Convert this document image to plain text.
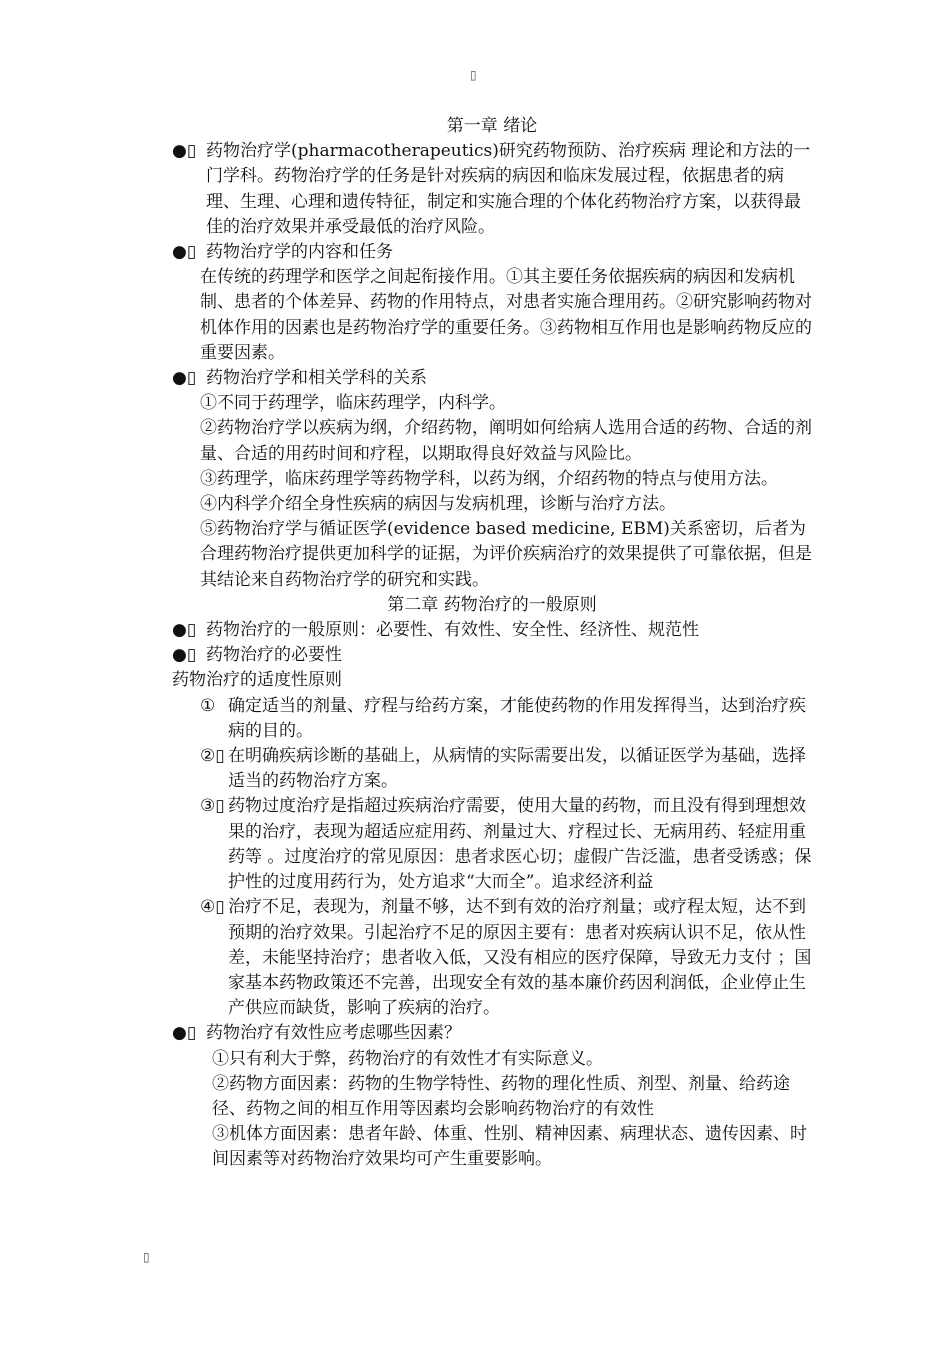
▯

第一章 绪论

●▯ 药物治疗学(pharmacotherapeutics)研究药物预防、治疗疾病 理论和方法的一门学科。药物治疗学的任务是针对疾病的病因和临床发展过程，依据患者的病理、生理、心理和遗传特征，制定和实施合理的个体化药物治疗方案，以获得最佳的治疗效果并承受最低的治疗风险。

●▯ 药物治疗学的内容和任务

在传统的药理学和医学之间起衔接作用。①其主要任务依据疾病的病因和发病机制、患者的个体差异、药物的作用特点，对患者实施合理用药。②研究影响药物对机体作用的因素也是药物治疗学的重要任务。③药物相互作用也是影响药物反应的重要因素。

●▯ 药物治疗学和相关学科的关系

①不同于药理学，临床药理学，内科学。

②药物治疗学以疾病为纲，介绍药物，阐明如何给病人选用合适的药物、合适的剂量、合适的用药时间和疗程，以期取得良好效益与风险比。

③药理学，临床药理学等药物学科，以药为纲，介绍药物的特点与使用方法。

④内科学介绍全身性疾病的病因与发病机理，诊断与治疗方法。

⑤药物治疗学与循证医学(evidence based medicine, EBM)关系密切，后者为合理药物治疗提供更加科学的证据，为评价疾病治疗的效果提供了可靠依据，但是其结论来自药物治疗学的研究和实践。

第二章 药物治疗的一般原则

●▯ 药物治疗的一般原则：必要性、有效性、安全性、经济性、规范性

●▯ 药物治疗的必要性

药物治疗的适度性原则

① 确定适当的剂量、疗程与给药方案，才能使药物的作用发挥得当，达到治疗疾病的目的。

②▯ 在明确疾病诊断的基础上，从病情的实际需要出发，以循证医学为基础，选择适当的药物治疗方案。

③▯ 药物过度治疗是指超过疾病治疗需要，使用大量的药物，而且没有得到理想效果的治疗，表现为超适应症用药、剂量过大、疗程过长、无病用药、轻症用重药等 。过度治疗的常见原因：患者求医心切；虚假广告泛滥，患者受诱惑；保护性的过度用药行为，处方追求“大而全”。追求经济利益

④▯ 治疗不足，表现为，剂量不够，达不到有效的治疗剂量；或疗程太短，达不到预期的治疗效果。引起治疗不足的原因主要有：患者对疾病认识不足，依从性差，未能坚持治疗；患者收入低，又没有相应的医疗保障，导致无力支付 ；国家基本药物政策还不完善，出现安全有效的基本廉价药因利润低，企业停止生产供应而缺货，影响了疾病的治疗。

●▯ 药物治疗有效性应考虑哪些因素？

①只有利大于弊，药物治疗的有效性才有实际意义。

②药物方面因素：药物的生物学特性、药物的理化性质、剂型、剂量、给药途径、药物之间的相互作用等因素均会影响药物治疗的有效性

③机体方面因素：患者年龄、体重、性别、精神因素、病理状态、遗传因素、时间因素等对药物治疗效果均可产生重要影响。

▯
